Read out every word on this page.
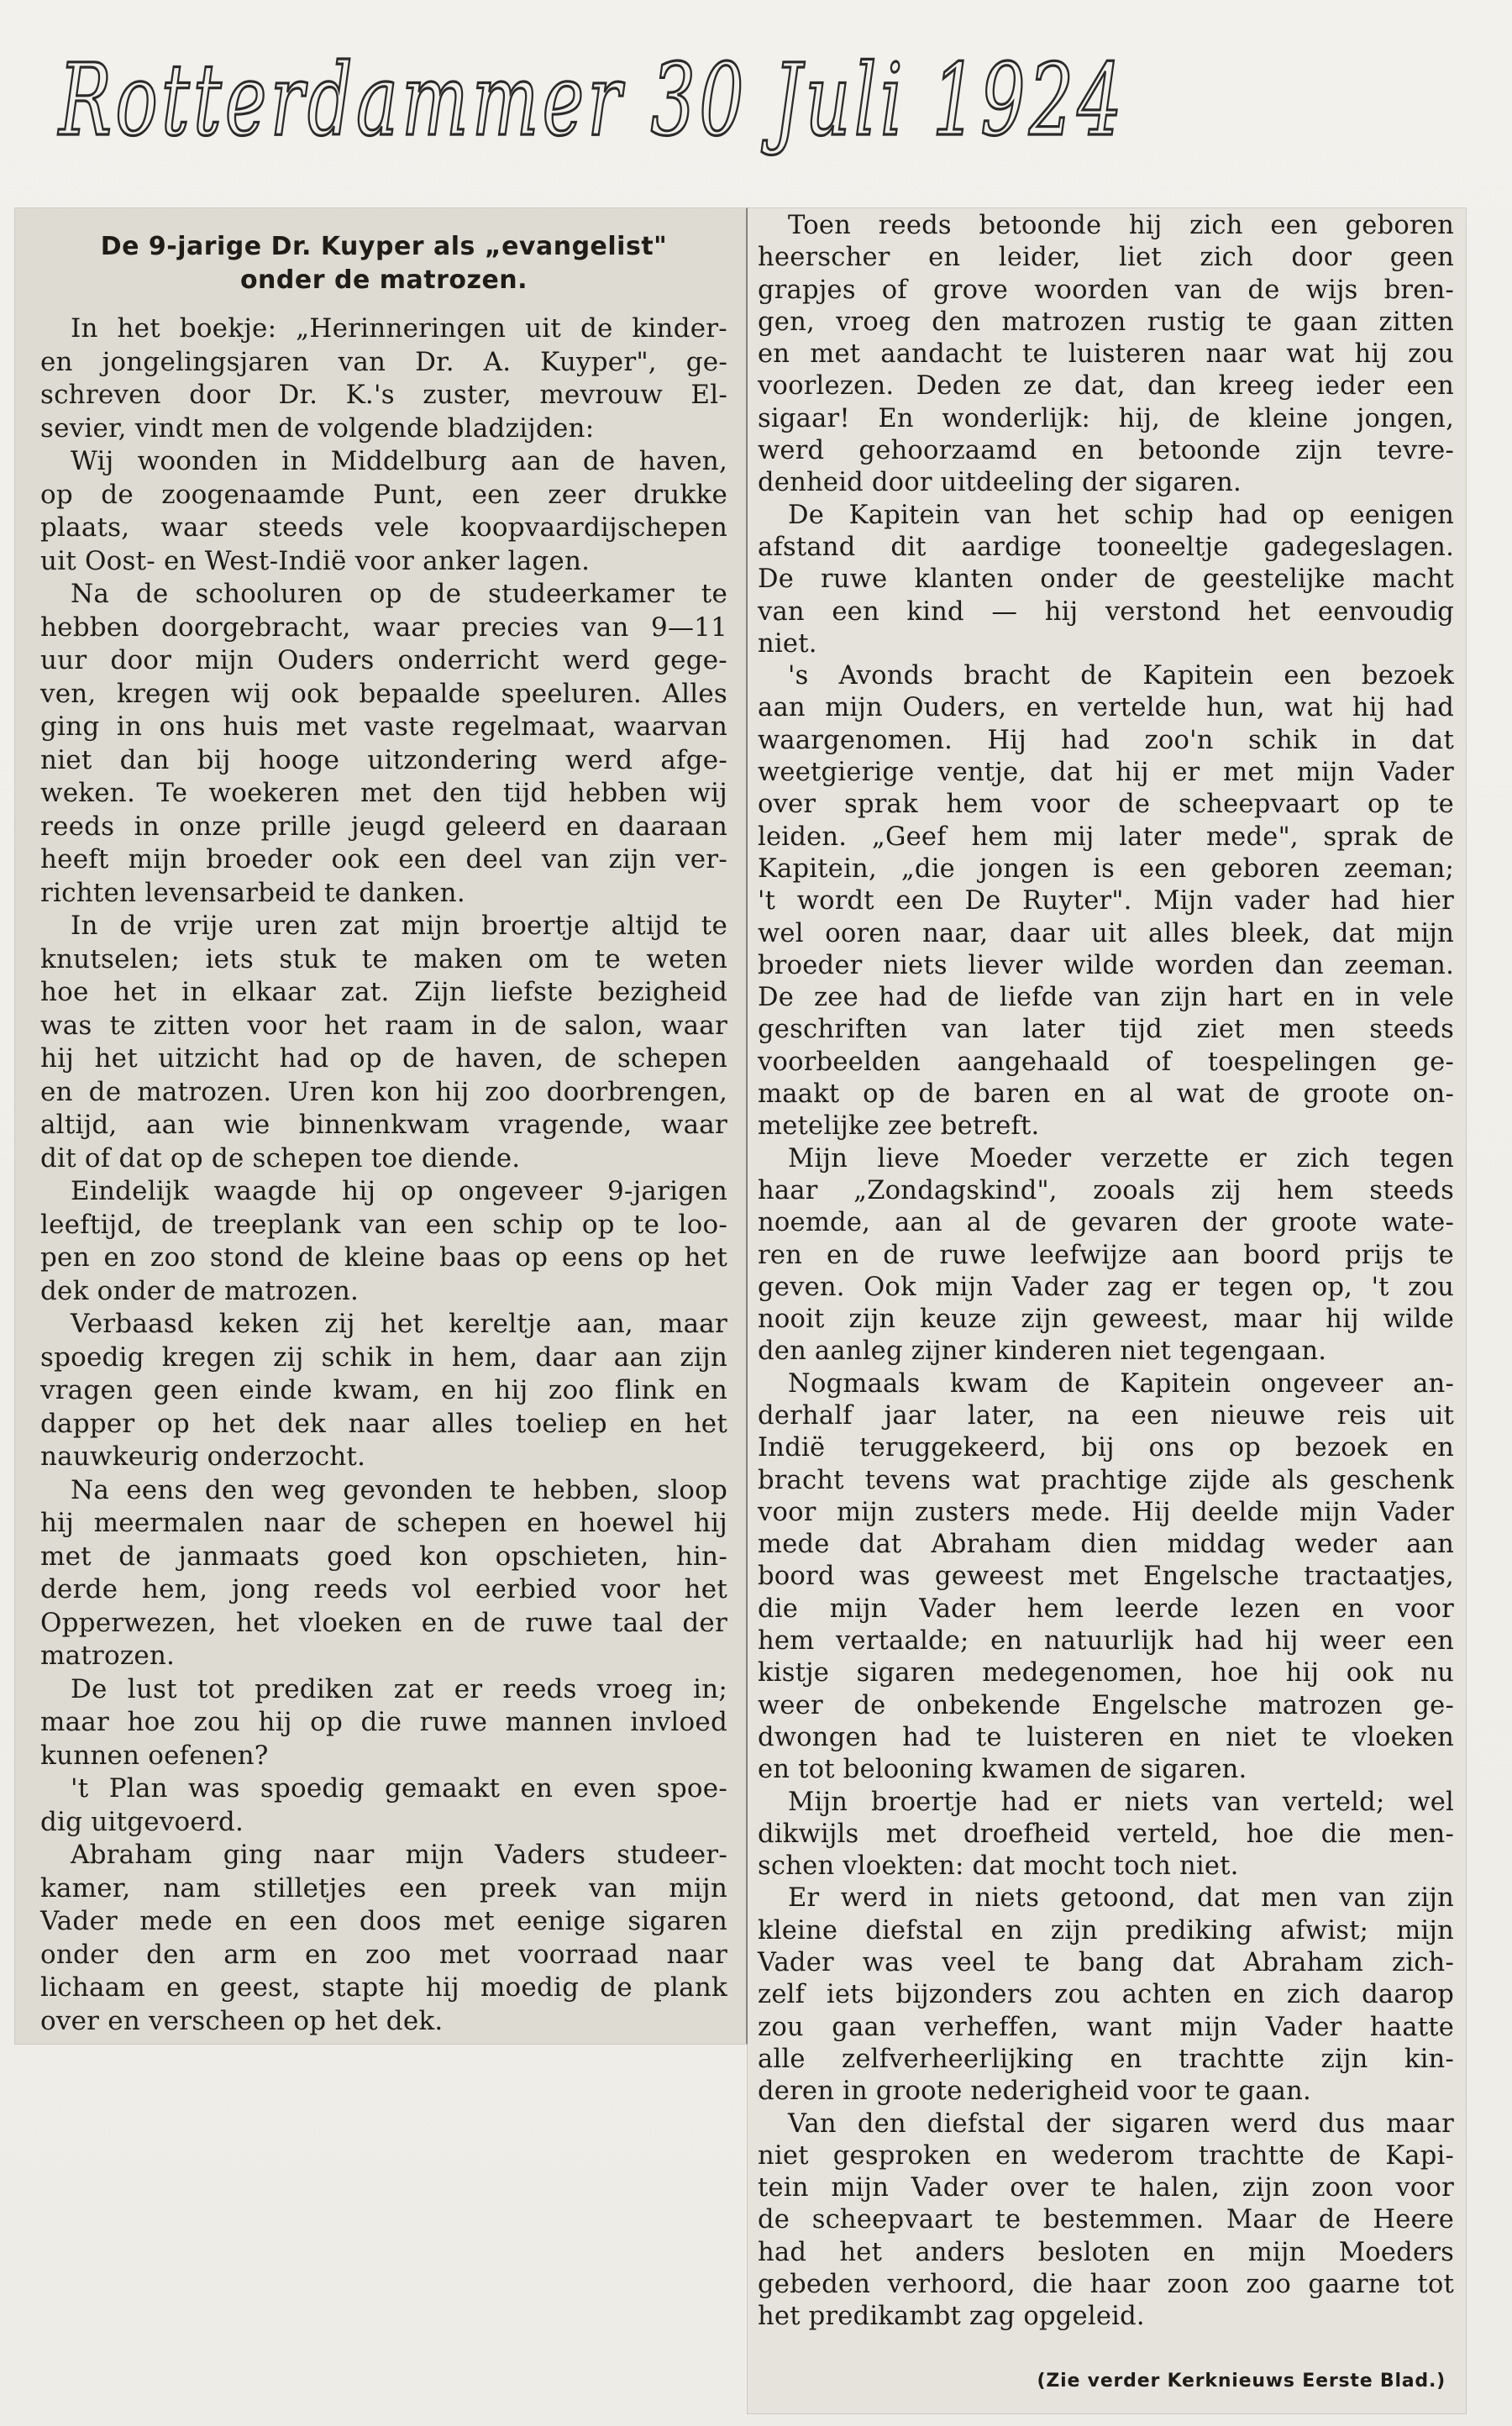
Rotterdammer 30 Juli 1924
De 9-jarige Dr. Kuyper als „evangelist"
onder de matrozen.
In het boekje: „Herinneringen uit de kinder-
en jongelingsjaren van Dr. A. Kuyper", ge-
schreven door Dr. K.'s zuster, mevrouw El-
sevier, vindt men de volgende bladzijden:
Wij woonden in Middelburg aan de haven,
op de zoogenaamde Punt, een zeer drukke
plaats, waar steeds vele koopvaardijschepen
uit Oost- en West-Indië voor anker lagen.
Na de schooluren op de studeerkamer te
hebben doorgebracht, waar precies van 9—11
uur door mijn Ouders onderricht werd gege-
ven, kregen wij ook bepaalde speeluren. Alles
ging in ons huis met vaste regelmaat, waarvan
niet dan bij hooge uitzondering werd afge-
weken. Te woekeren met den tijd hebben wij
reeds in onze prille jeugd geleerd en daaraan
heeft mijn broeder ook een deel van zijn ver-
richten levensarbeid te danken.
In de vrije uren zat mijn broertje altijd te
knutselen; iets stuk te maken om te weten
hoe het in elkaar zat. Zijn liefste bezigheid
was te zitten voor het raam in de salon, waar
hij het uitzicht had op de haven, de schepen
en de matrozen. Uren kon hij zoo doorbrengen,
altijd, aan wie binnenkwam vragende, waar
dit of dat op de schepen toe diende.
Eindelijk waagde hij op ongeveer 9-jarigen
leeftijd, de treeplank van een schip op te loo-
pen en zoo stond de kleine baas op eens op het
dek onder de matrozen.
Verbaasd keken zij het kereltje aan, maar
spoedig kregen zij schik in hem, daar aan zijn
vragen geen einde kwam, en hij zoo flink en
dapper op het dek naar alles toeliep en het
nauwkeurig onderzocht.
Na eens den weg gevonden te hebben, sloop
hij meermalen naar de schepen en hoewel hij
met de janmaats goed kon opschieten, hin-
derde hem, jong reeds vol eerbied voor het
Opperwezen, het vloeken en de ruwe taal der
matrozen.
De lust tot prediken zat er reeds vroeg in;
maar hoe zou hij op die ruwe mannen invloed
kunnen oefenen?
't Plan was spoedig gemaakt en even spoe-
dig uitgevoerd.
Abraham ging naar mijn Vaders studeer-
kamer, nam stilletjes een preek van mijn
Vader mede en een doos met eenige sigaren
onder den arm en zoo met voorraad naar
lichaam en geest, stapte hij moedig de plank
over en verscheen op het dek.
Toen reeds betoonde hij zich een geboren
heerscher en leider, liet zich door geen
grapjes of grove woorden van de wijs bren-
gen, vroeg den matrozen rustig te gaan zitten
en met aandacht te luisteren naar wat hij zou
voorlezen. Deden ze dat, dan kreeg ieder een
sigaar! En wonderlijk: hij, de kleine jongen,
werd gehoorzaamd en betoonde zijn tevre-
denheid door uitdeeling der sigaren.
De Kapitein van het schip had op eenigen
afstand dit aardige tooneeltje gadegeslagen.
De ruwe klanten onder de geestelijke macht
van een kind — hij verstond het eenvoudig
niet.
's Avonds bracht de Kapitein een bezoek
aan mijn Ouders, en vertelde hun, wat hij had
waargenomen. Hij had zoo'n schik in dat
weetgierige ventje, dat hij er met mijn Vader
over sprak hem voor de scheepvaart op te
leiden. „Geef hem mij later mede", sprak de
Kapitein, „die jongen is een geboren zeeman;
't wordt een De Ruyter". Mijn vader had hier
wel ooren naar, daar uit alles bleek, dat mijn
broeder niets liever wilde worden dan zeeman.
De zee had de liefde van zijn hart en in vele
geschriften van later tijd ziet men steeds
voorbeelden aangehaald of toespelingen ge-
maakt op de baren en al wat de groote on-
metelijke zee betreft.
Mijn lieve Moeder verzette er zich tegen
haar „Zondagskind", zooals zij hem steeds
noemde, aan al de gevaren der groote wate-
ren en de ruwe leefwijze aan boord prijs te
geven. Ook mijn Vader zag er tegen op, 't zou
nooit zijn keuze zijn geweest, maar hij wilde
den aanleg zijner kinderen niet tegengaan.
Nogmaals kwam de Kapitein ongeveer an-
derhalf jaar later, na een nieuwe reis uit
Indië teruggekeerd, bij ons op bezoek en
bracht tevens wat prachtige zijde als geschenk
voor mijn zusters mede. Hij deelde mijn Vader
mede dat Abraham dien middag weder aan
boord was geweest met Engelsche tractaatjes,
die mijn Vader hem leerde lezen en voor
hem vertaalde; en natuurlijk had hij weer een
kistje sigaren medegenomen, hoe hij ook nu
weer de onbekende Engelsche matrozen ge-
dwongen had te luisteren en niet te vloeken
en tot belooning kwamen de sigaren.
Mijn broertje had er niets van verteld; wel
dikwijls met droefheid verteld, hoe die men-
schen vloekten: dat mocht toch niet.
Er werd in niets getoond, dat men van zijn
kleine diefstal en zijn prediking afwist; mijn
Vader was veel te bang dat Abraham zich-
zelf iets bijzonders zou achten en zich daarop
zou gaan verheffen, want mijn Vader haatte
alle zelfverheerlijking en trachtte zijn kin-
deren in groote nederigheid voor te gaan.
Van den diefstal der sigaren werd dus maar
niet gesproken en wederom trachtte de Kapi-
tein mijn Vader over te halen, zijn zoon voor
de scheepvaart te bestemmen. Maar de Heere
had het anders besloten en mijn Moeders
gebeden verhoord, die haar zoon zoo gaarne tot
het predikambt zag opgeleid.
(Zie verder Kerknieuws Eerste Blad.)
